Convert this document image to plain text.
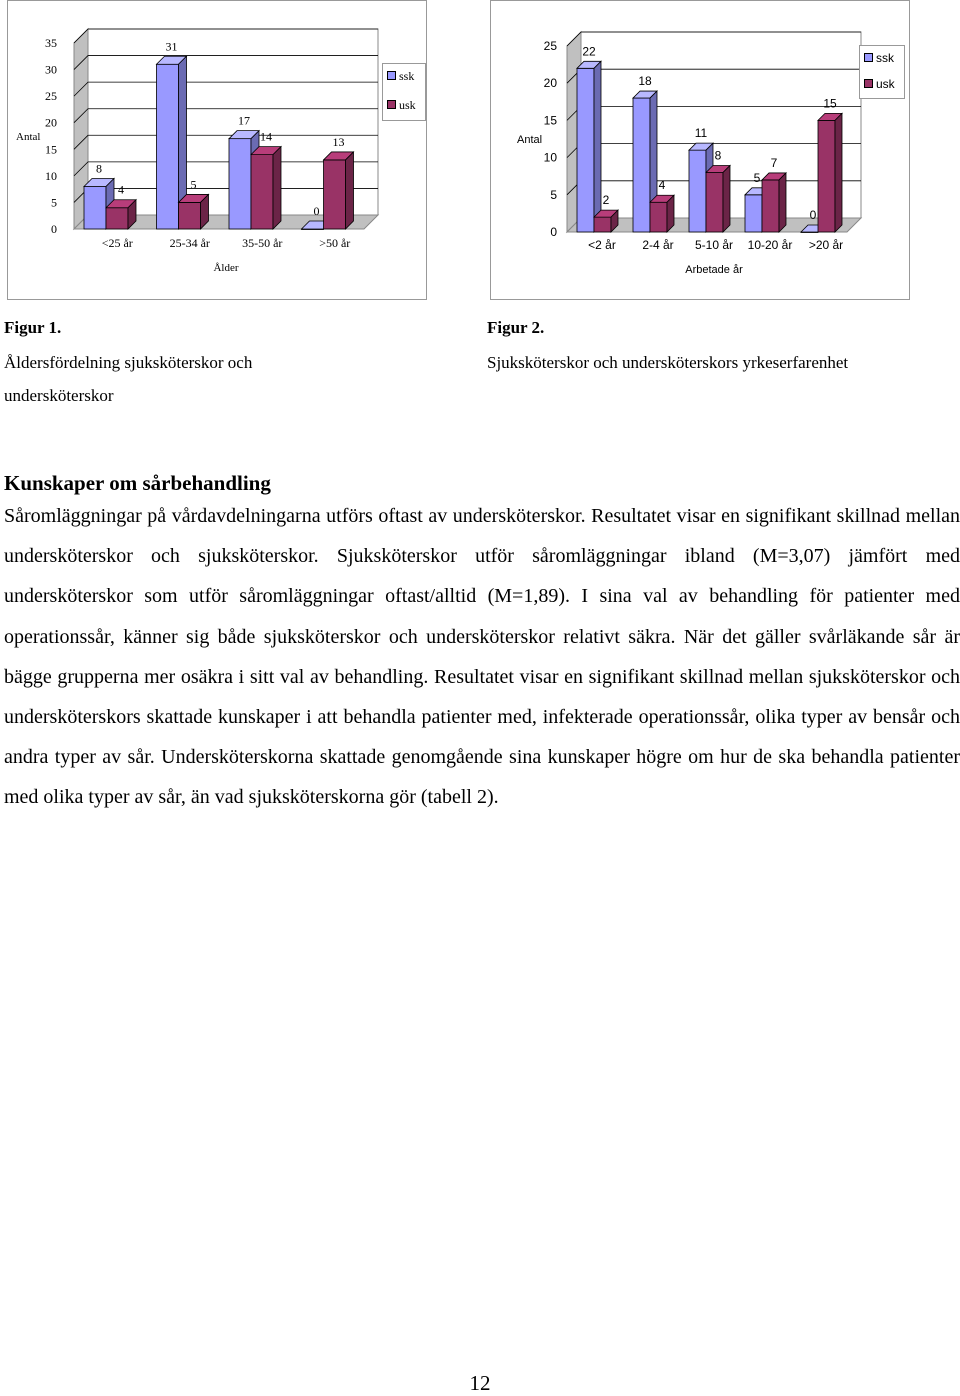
0
5
10
15
20
25
30
35
Antal
Ålder
<25 år	25-34 år	35-50 år	>50 år
8
4
31
5
17
14
0
13
ssk
usk
0
5
10
15
20
25
Antal
Arbetade år
<2 år 2-4 år 5-10 år 10-20 år >20 år
22
2
18
4
11
8
5
7
0
15
ssk
usk
Figur 1.
Åldersfördelning sjuksköterskor och undersköterskor
Figur 2.
Sjuksköterskor och undersköterskors yrkeserfarenhet
Kunskaper om sårbehandling
Såromläggningar på vårdavdelningarna utförs oftast av undersköterskor. Resultatet visar en signifikant skillnad mellan undersköterskor och sjuksköterskor. Sjuksköterskor utför såromläggningar ibland (M=3,07) jämfört med undersköterskor som utför såromläggningar oftast/alltid (M=1,89). I sina val av behandling för patienter med operationssår, känner sig både sjuksköterskor och undersköterskor relativt säkra. När det gäller svårläkande sår är bägge grupperna mer osäkra i sitt val av behandling. Resultatet visar en signifikant skillnad mellan sjuksköterskor och undersköterskors skattade kunskaper i att behandla patienter med, infekterade operationssår, olika typer av bensår och andra typer av sår. Undersköterskorna skattade genomgående sina kunskaper högre om hur de ska behandla patienter med olika typer av sår, än vad sjuksköterskorna gör (tabell 2).
12
